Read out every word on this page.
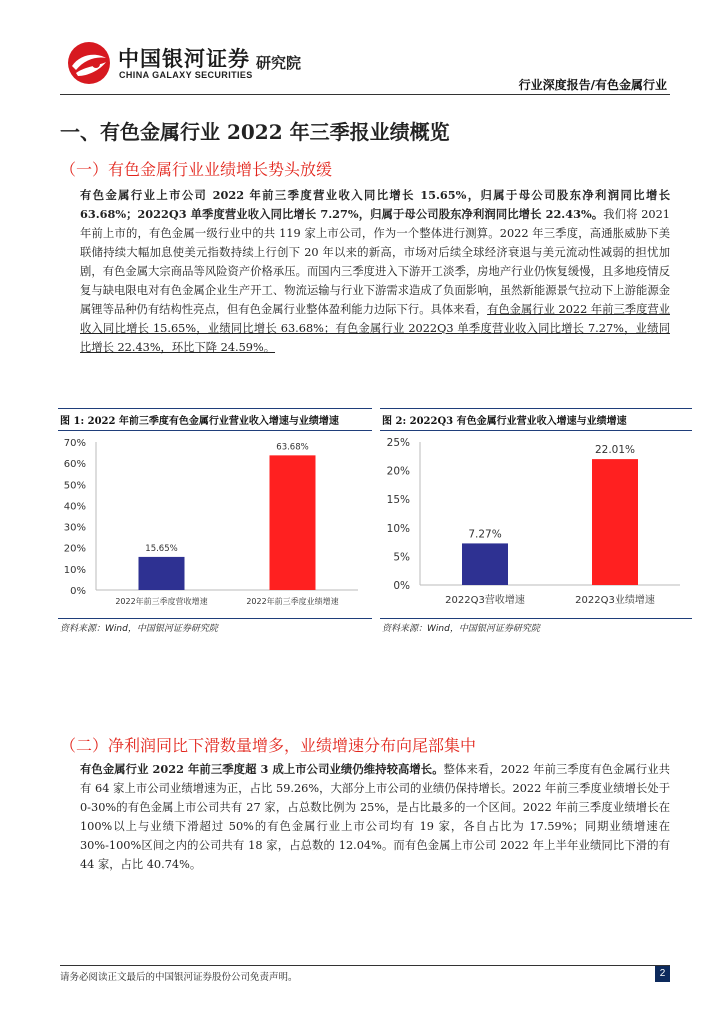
中国银河证券
CHINA GALAXY SECURITIES
研究院
行业深度报告/有色金属行业
一、有色金属行业 2022 年三季报业绩概览
（一）有色金属行业业绩增长势头放缓
有色金属行业上市公司 2022 年前三季度营业收入同比增长 15.65%，归属于母公司股东净利润同比增长 63.68%；2022Q3 单季度营业收入同比增长 7.27%，归属于母公司股东净利润同比增长 22.43%。我们将 2021 年前上市的，有色金属一级行业中的共 119 家上市公司，作为一个整体进行测算。2022 年三季度，高通胀威胁下美联储持续大幅加息使美元指数持续上行创下 20 年以来的新高，市场对后续全球经济衰退与美元流动性减弱的担忧加剧，有色金属大宗商品等风险资产价格承压。而国内三季度进入下游开工淡季，房地产行业仍恢复缓慢，且多地疫情反复与缺电限电对有色金属企业生产开工、物流运输与行业下游需求造成了负面影响，虽然新能源景气拉动下上游能源金属锂等品种仍有结构性亮点，但有色金属行业整体盈利能力边际下行。具体来看，有色金属行业 2022 年前三季度营业收入同比增长 15.65%，业绩同比增长 63.68%；有色金属行业 2022Q3 单季度营业收入同比增长 7.27%，业绩同比增长 22.43%，环比下降 24.59%。
图 1: 2022 年前三季度有色金属行业营业收入增速与业绩增速	图 2: 2022Q3 有色金属行业营业收入增速与业绩增速
0%
10%
20%
30%
40%
50%
60%
70%
15.65%
2022年前三季度营收增速
63.68%
2022年前三季度业绩增速
0%
5%
10%
15%
20%
25%
7.27%
2022Q3营收增速
22.01%
2022Q3业绩增速
资料来源：Wind，中国银河证券研究院	资料来源：Wind，中国银河证券研究院
（二）净利润同比下滑数量增多，业绩增速分布向尾部集中
有色金属行业 2022 年前三季度超 3 成上市公司业绩仍维持较高增长。整体来看，2022 年前三季度有色金属行业共有 64 家上市公司业绩增速为正，占比 59.26%，大部分上市公司的业绩仍保持增长。2022 年前三季度业绩增长处于 0-30%的有色金属上市公司共有 27 家，占总数比例为 25%，是占比最多的一个区间。2022 年前三季度业绩增长在 100%以上与业绩下滑超过 50%的有色金属行业上市公司均有 19 家，各自占比为 17.59%；同期业绩增速在 30%-100%区间之内的公司共有 18 家，占总数的 12.04%。而有色金属上市公司 2022 年上半年业绩同比下滑的有 44 家，占比 40.74%。
请务必阅读正文最后的中国银河证券股份公司免责声明。	2
